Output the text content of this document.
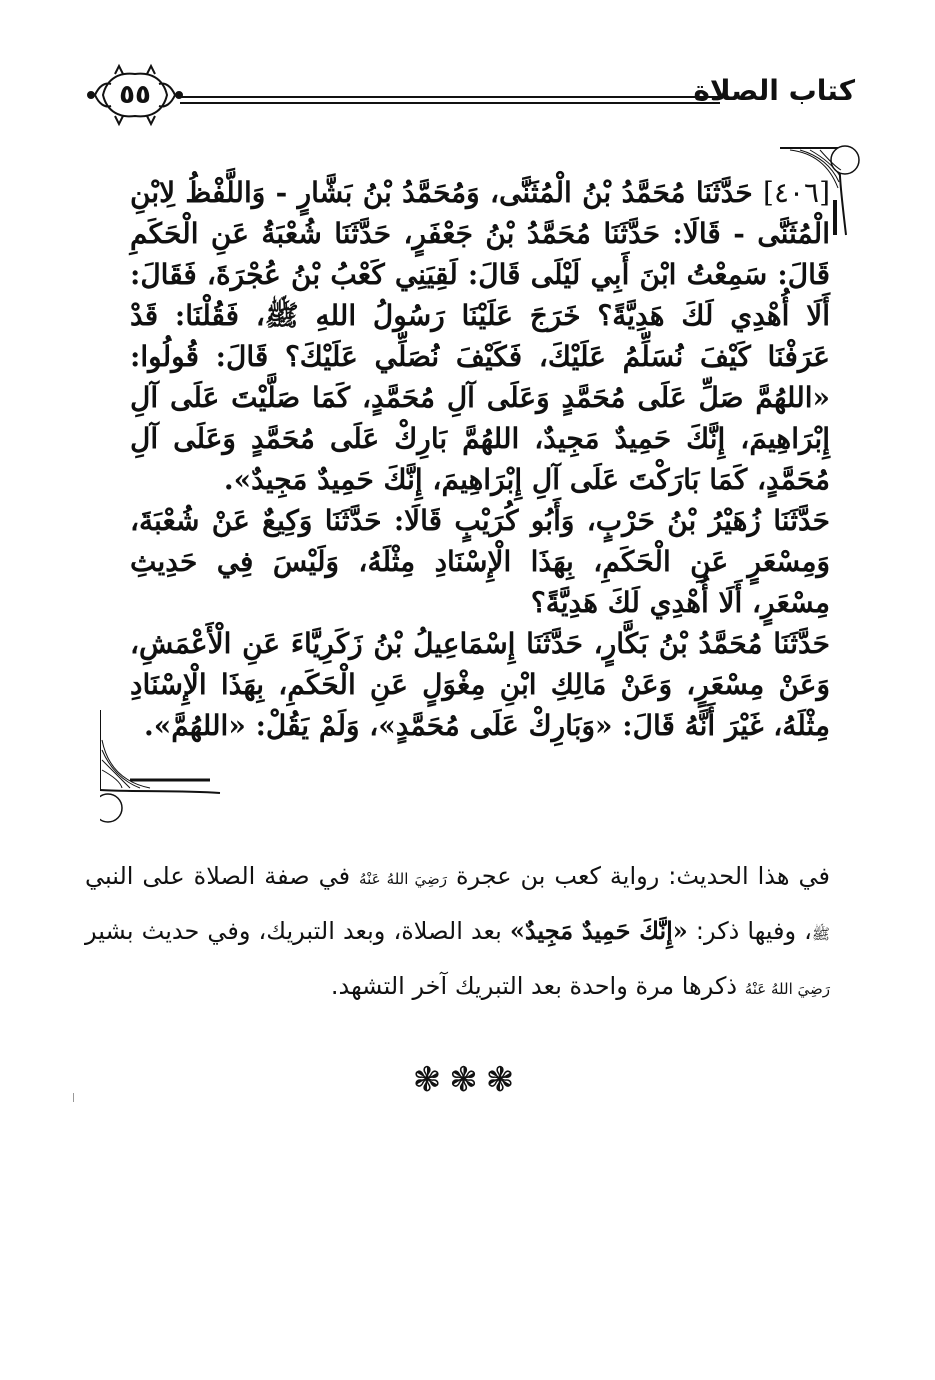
كتاب الصلاة
٥٥

[٤٠٦] حَدَّثَنَا مُحَمَّدُ بْنُ الْمُثَنَّى، وَمُحَمَّدُ بْنُ بَشَّارٍ - وَاللَّفْظُ لِابْنِ الْمُثَنَّى - قَالَا: حَدَّثَنَا مُحَمَّدُ بْنُ جَعْفَرٍ، حَدَّثَنَا شُعْبَةُ عَنِ الْحَكَمِ قَالَ: سَمِعْتُ ابْنَ أَبِي لَيْلَى قَالَ: لَقِيَنِي كَعْبُ بْنُ عُجْرَةَ، فَقَالَ: أَلَا أُهْدِي لَكَ هَدِيَّةً؟ خَرَجَ عَلَيْنَا رَسُولُ اللهِ ﷺ، فَقُلْنَا: قَدْ عَرَفْنَا كَيْفَ نُسَلِّمُ عَلَيْكَ، فَكَيْفَ نُصَلِّي عَلَيْكَ؟ قَالَ: قُولُوا: «اللهُمَّ صَلِّ عَلَى مُحَمَّدٍ وَعَلَى آلِ مُحَمَّدٍ، كَمَا صَلَّيْتَ عَلَى آلِ إِبْرَاهِيمَ، إِنَّكَ حَمِيدٌ مَجِيدٌ، اللهُمَّ بَارِكْ عَلَى مُحَمَّدٍ وَعَلَى آلِ مُحَمَّدٍ، كَمَا بَارَكْتَ عَلَى آلِ إِبْرَاهِيمَ، إِنَّكَ حَمِيدٌ مَجِيدٌ».

حَدَّثَنَا زُهَيْرُ بْنُ حَرْبٍ، وَأَبُو كُرَيْبٍ قَالَا: حَدَّثَنَا وَكِيعٌ عَنْ شُعْبَةَ، وَمِسْعَرٍ عَنِ الْحَكَمِ، بِهَذَا الْإِسْنَادِ مِثْلَهُ، وَلَيْسَ فِي حَدِيثِ مِسْعَرٍ، أَلَا أُهْدِي لَكَ هَدِيَّةً؟

حَدَّثَنَا مُحَمَّدُ بْنُ بَكَّارٍ، حَدَّثَنَا إِسْمَاعِيلُ بْنُ زَكَرِيَّاءَ عَنِ الْأَعْمَشِ، وَعَنْ مِسْعَرٍ، وَعَنْ مَالِكِ ابْنِ مِغْوَلٍ عَنِ الْحَكَمِ، بِهَذَا الْإِسْنَادِ مِثْلَهُ، غَيْرَ أَنَّهُ قَالَ: «وَبَارِكْ عَلَى مُحَمَّدٍ»، وَلَمْ يَقُلْ: «اللهُمَّ».

في هذا الحديث: رواية كعب بن عجرة رَضِيَ اللهُ عَنْهُ في صفة الصلاة على النبي ﷺ، وفيها ذكر: «إِنَّكَ حَمِيدٌ مَجِيدٌ» بعد الصلاة، وبعد التبريك، وفي حديث بشير رَضِيَ اللهُ عَنْهُ ذكرها مرة واحدة بعد التبريك آخر التشهد.

❃❃❃
